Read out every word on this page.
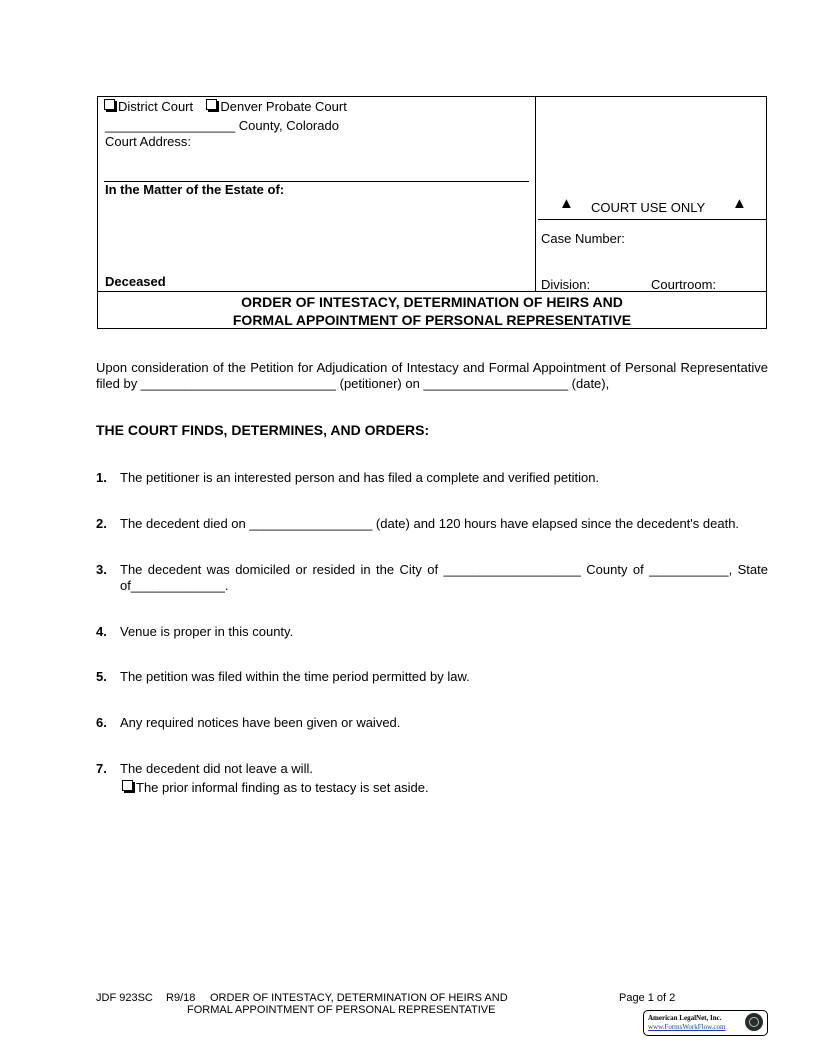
District Court Denver Probate Court
__________________ County, Colorado
Court Address:
In the Matter of the Estate of:
Deceased
▲ COURT USE ONLY ▲
Case Number:
Division:	Courtroom:
ORDER OF INTESTACY, DETERMINATION OF HEIRS AND
FORMAL APPOINTMENT OF PERSONAL REPRESENTATIVE
Upon consideration of the Petition for Adjudication of Intestacy and Formal Appointment of Personal Representative filed by ___________________________ (petitioner) on ____________________ (date),
THE COURT FINDS, DETERMINES, AND ORDERS:
1. The petitioner is an interested person and has filed a complete and verified petition.
2. The decedent died on _________________ (date) and 120 hours have elapsed since the decedent's death.
3. The decedent was domiciled or resided in the City of ___________________ County of ___________, State of_____________.
4. Venue is proper in this county.
5. The petition was filed within the time period permitted by law.
6. Any required notices have been given or waived.
7. The decedent did not leave a will.
The prior informal finding as to testacy is set aside.
JDF 923SC R9/18 ORDER OF INTESTACY, DETERMINATION OF HEIRS AND
FORMAL APPOINTMENT OF PERSONAL REPRESENTATIVE
Page 1 of 2
American LegalNet, Inc.
www.FormsWorkFlow.com
